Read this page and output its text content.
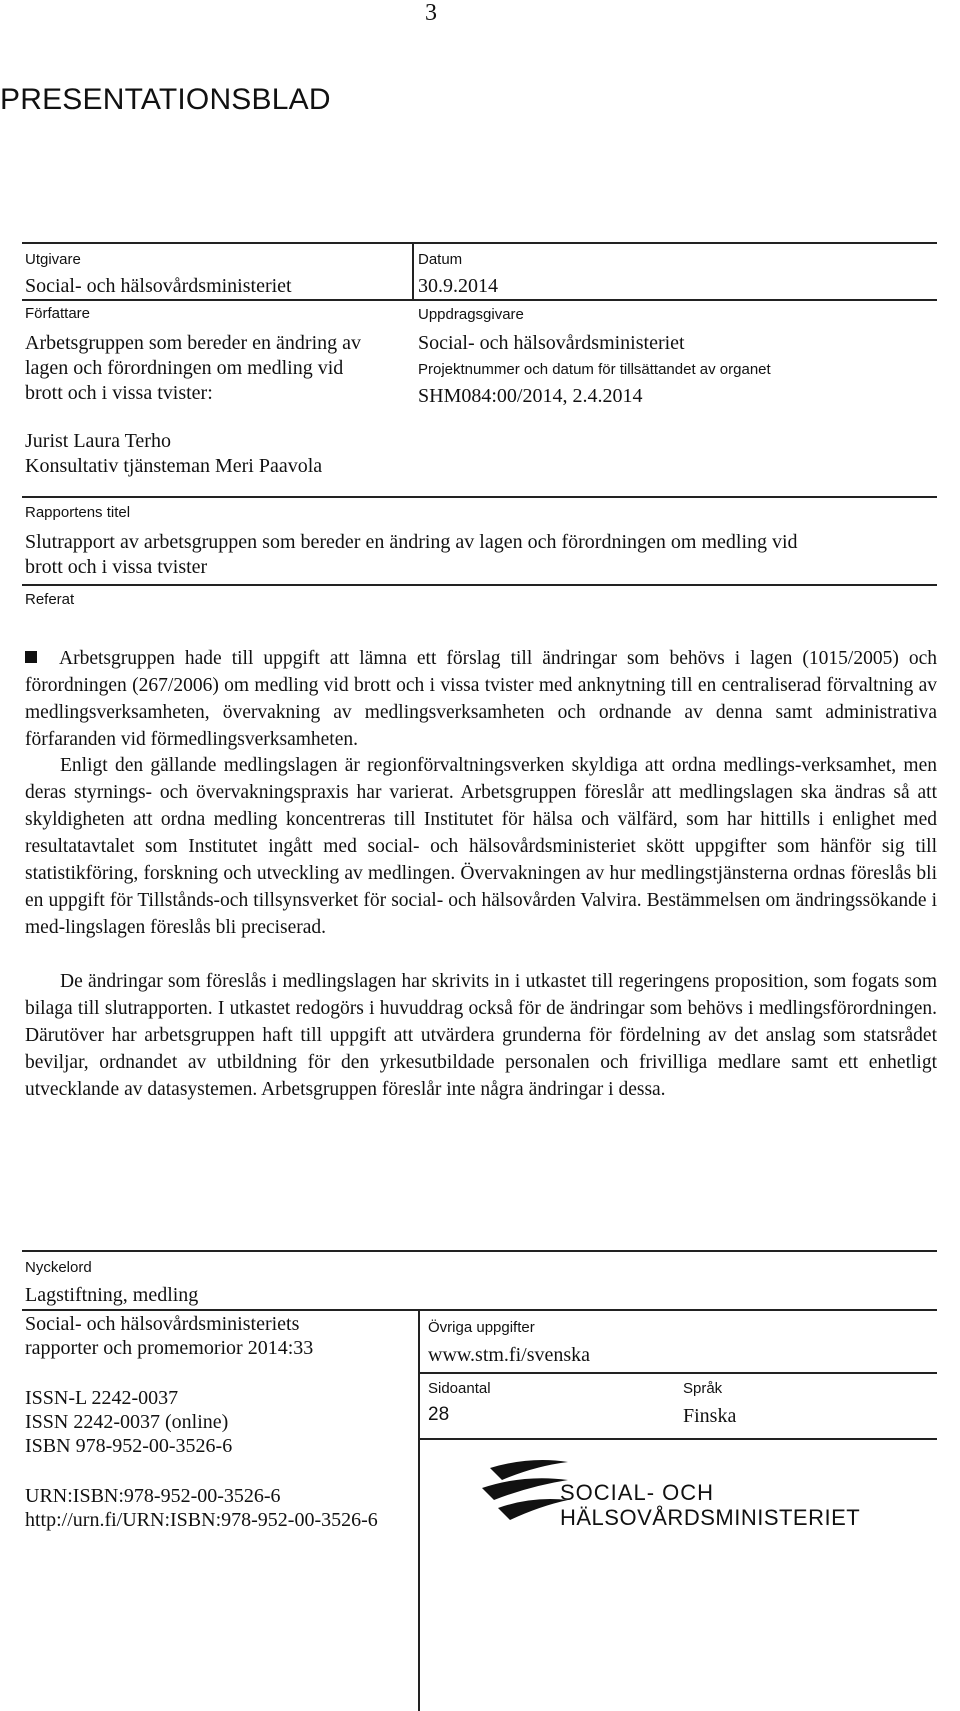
3
PRESENTATIONSBLAD
Utgivare
Social- och hälsovårdsministeriet
Datum
30.9.2014
Författare
Arbetsgruppen som bereder en ändring av
lagen och förordningen om medling vid
brott och i vissa tvister:
Jurist Laura Terho
Konsultativ tjänsteman Meri Paavola
Uppdragsgivare
Social- och hälsovårdsministeriet
Projektnummer och datum för tillsättandet av organet
SHM084:00/2014, 2.4.2014
Rapportens titel
Slutrapport av arbetsgruppen som bereder en ändring av lagen och förordningen om medling vid
brott och i vissa tvister
Referat
Arbetsgruppen hade till uppgift att lämna ett förslag till ändringar som behövs i lagen (1015/2005) och förordningen (267/2006) om medling vid brott och i vissa tvister med anknytning till en centraliserad förvaltning av medlingsverksamheten, övervakning av medlingsverksamheten och ordnande av denna samt administrativa förfaranden vid förmedlingsverksamheten.
Enligt den gällande medlingslagen är regionförvaltningsverken skyldiga att ordna medlings-verksamhet, men deras styrnings- och övervakningspraxis har varierat. Arbetsgruppen föreslår att medlingslagen ska ändras så att skyldigheten att ordna medling koncentreras till Institutet för hälsa och välfärd, som har hittills i enlighet med resultatavtalet som Institutet ingått med social- och hälsovårdsministeriet skött uppgifter som hänför sig till statistikföring, forskning och utveckling av medlingen. Övervakningen av hur medlingstjänsterna ordnas föreslås bli en uppgift för Tillstånds-och tillsynsverket för social- och hälsovården Valvira. Bestämmelsen om ändringssökande i med-lingslagen föreslås bli preciserad.
De ändringar som föreslås i medlingslagen har skrivits in i utkastet till regeringens proposition, som fogats som bilaga till slutrapporten. I utkastet redogörs i huvuddrag också för de ändringar som behövs i medlingsförordningen. Därutöver har arbetsgruppen haft till uppgift att utvärdera grunderna för fördelning av det anslag som statsrådet beviljar, ordnandet av utbildning för den yrkesutbildade personalen och frivilliga medlare samt ett enhetligt utvecklande av datasystemen. Arbetsgruppen föreslår inte några ändringar i dessa.
Nyckelord
Lagstiftning, medling
Social- och hälsovårdsministeriets
rapporter och promemorior 2014:33
ISSN-L 2242-0037
ISSN 2242-0037 (online)
ISBN 978-952-00-3526-6
URN:ISBN:978-952-00-3526-6
http://urn.fi/URN:ISBN:978-952-00-3526-6
Övriga uppgifter
www.stm.fi/svenska
Sidoantal
28
Språk
Finska
SOCIAL- OCH
HÄLSOVÅRDSMINISTERIET
